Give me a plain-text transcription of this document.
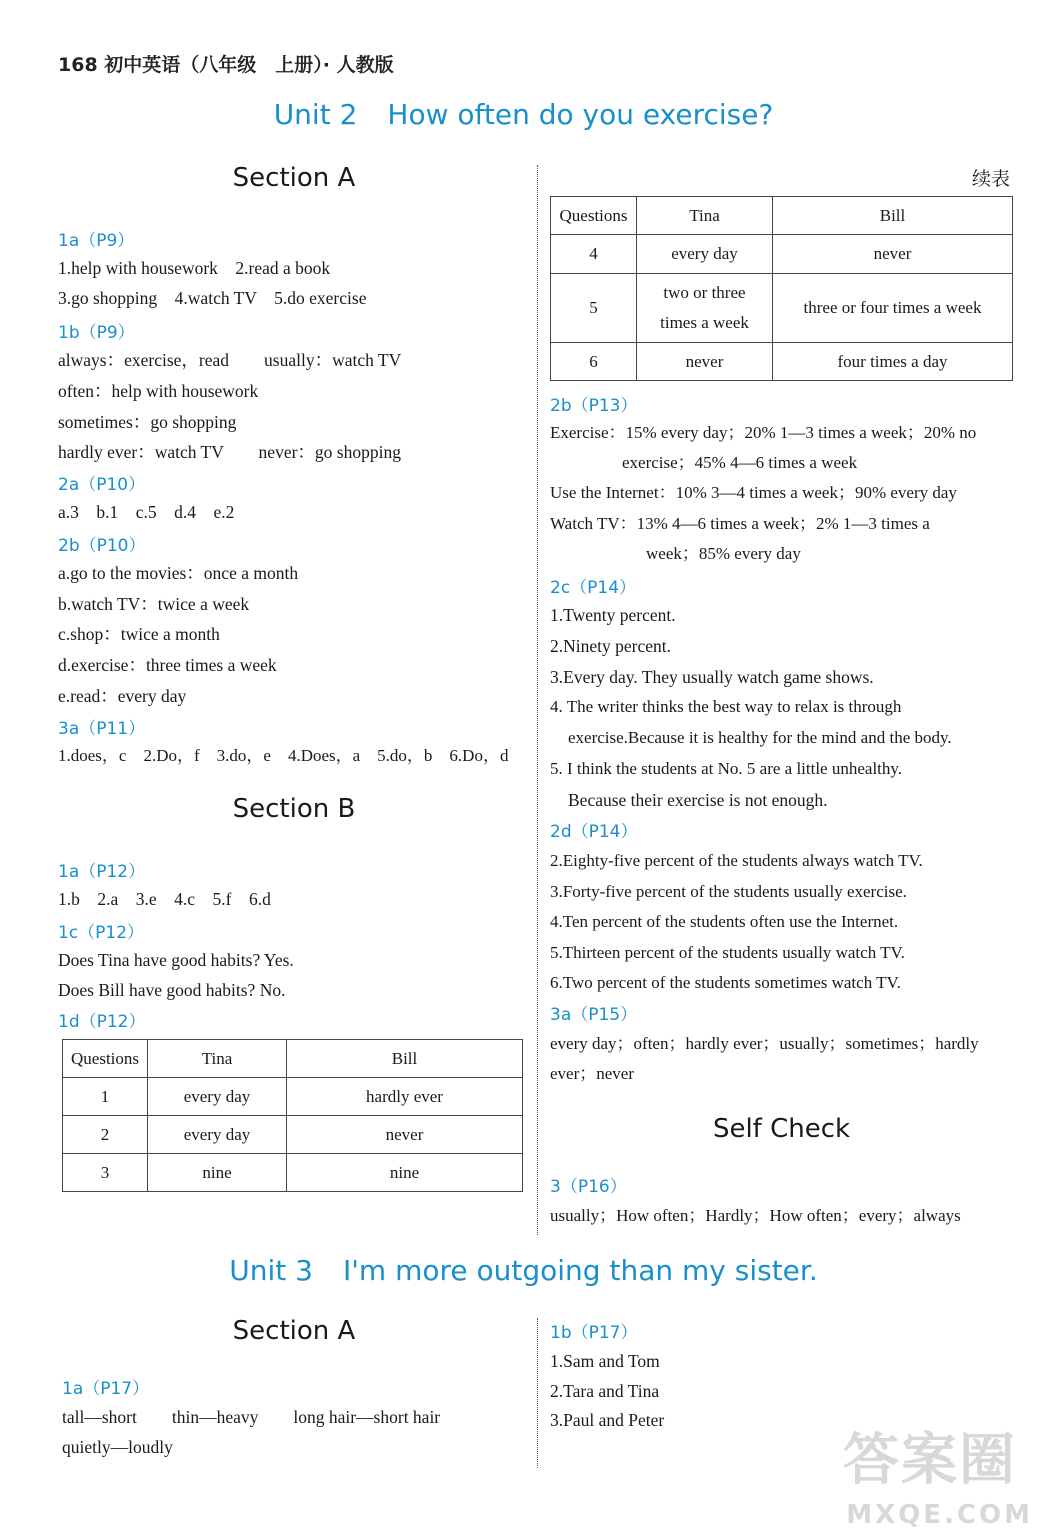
168 初中英语（八年级　上册）· 人教版
Unit 2 How often do you exercise?
Section A
1a（P9）
1.help with housework　2.read a book
3.go shopping　4.watch TV　5.do exercise
1b（P9）
always：exercise，read　　usually：watch TV
often：help with housework
sometimes：go shopping
hardly ever：watch TV　　never：go shopping
2a（P10）
a.3　b.1　c.5　d.4　e.2
2b（P10）
a.go to the movies：once a month
b.watch TV：twice a week
c.shop：twice a month
d.exercise：three times a week
e.read：every day
3a（P11）
1.does，c　2.Do，f　3.do，e　4.Does，a　5.do，b　6.Do，d
Section B
1a（P12）
1.b　2.a　3.e　4.c　5.f　6.d
1c（P12）
Does Tina have good habits? Yes.
Does Bill have good habits? No.
1d（P12）
Questions	Tina	Bill
1	every day	hardly ever
2	every day	never
3	nine	nine
续表
Questions	Tina	Bill
4	every day	never
5	two or three
times a week	three or four times a week
6	never	four times a day
2b（P13）
Exercise：15% every day；20% 1—3 times a week；20% no
exercise；45% 4—6 times a week
Use the Internet：10% 3—4 times a week；90% every day
Watch TV：13% 4—6 times a week；2% 1—3 times a
week；85% every day
2c（P14）
1.Twenty percent.
2.Ninety percent.
3.Every day. They usually watch game shows.
4. The writer thinks the best way to relax is through
exercise.Because it is healthy for the mind and the body.
5. I think the students at No. 5 are a little unhealthy.
Because their exercise is not enough.
2d（P14）
2.Eighty-five percent of the students always watch TV.
3.Forty-five percent of the students usually exercise.
4.Ten percent of the students often use the Internet.
5.Thirteen percent of the students usually watch TV.
6.Two percent of the students sometimes watch TV.
3a（P15）
every day；often；hardly ever；usually；sometimes；hardly
ever；never
Self Check
3（P16）
usually；How often；Hardly；How often；every；always
Unit 3 I'm more outgoing than my sister.
Section A
1a（P17）
tall—short　　thin—heavy　　long hair—short hair
quietly—loudly
1b（P17）
1.Sam and Tom
2.Tara and Tina
3.Paul and Peter
答案圈
MXQE.COM
